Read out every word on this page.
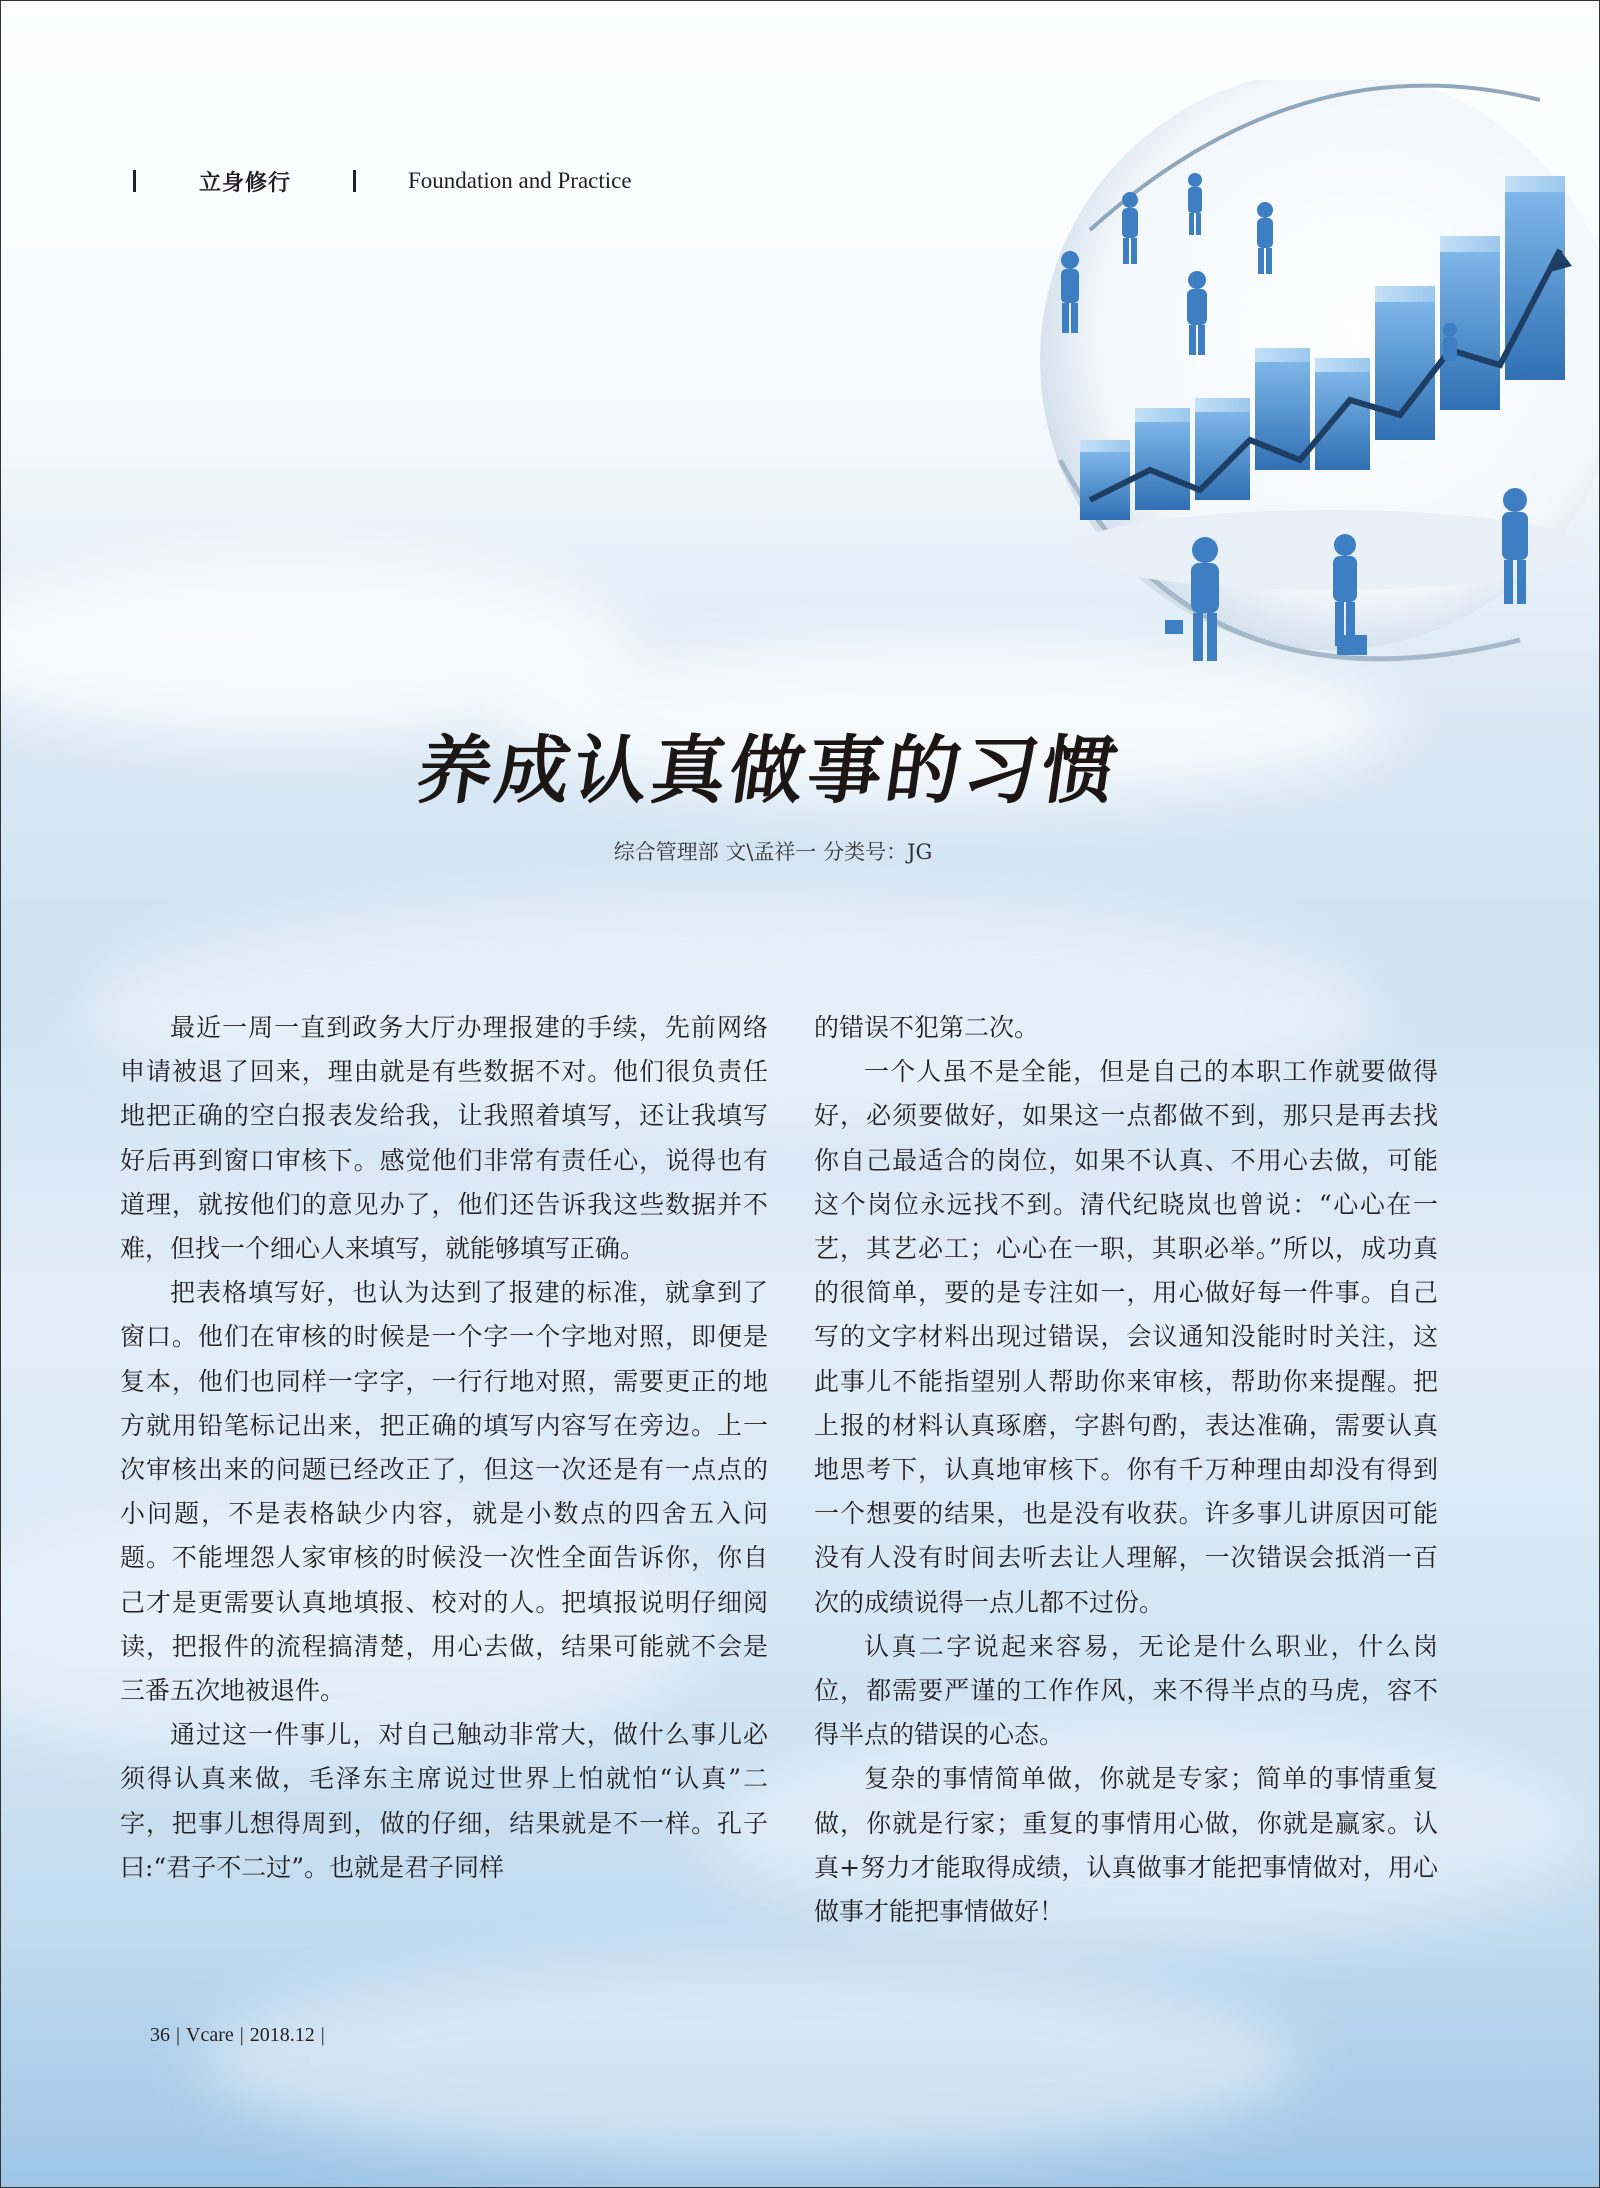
立身修行	Foundation and Practice
养成认真做事的习惯
综合管理部 文\孟祥一 分类号：JG

最近一周一直到政务大厅办理报建的手续，先前网络申请被退了回来，理由就是有些数据不对。他们很负责任地把正确的空白报表发给我，让我照着填写，还让我填写好后再到窗口审核下。感觉他们非常有责任心，说得也有道理，就按他们的意见办了，他们还告诉我这些数据并不难，但找一个细心人来填写，就能够填写正确。

把表格填写好，也认为达到了报建的标准，就拿到了窗口。他们在审核的时候是一个字一个字地对照，即便是复本，他们也同样一字字，一行行地对照，需要更正的地方就用铅笔标记出来，把正确的填写内容写在旁边。上一次审核出来的问题已经改正了，但这一次还是有一点点的小问题，不是表格缺少内容，就是小数点的四舍五入问题。不能埋怨人家审核的时候没一次性全面告诉你，你自己才是更需要认真地填报、校对的人。把填报说明仔细阅读，把报件的流程搞清楚，用心去做，结果可能就不会是三番五次地被退件。

通过这一件事儿，对自己触动非常大，做什么事儿必须得认真来做，毛泽东主席说过世界上怕就怕“认真”二字，把事儿想得周到，做的仔细，结果就是不一样。孔子曰:“君子不二过”。也就是君子同样

的错误不犯第二次。

一个人虽不是全能，但是自己的本职工作就要做得好，必须要做好，如果这一点都做不到，那只是再去找你自己最适合的岗位，如果不认真、不用心去做，可能这个岗位永远找不到。清代纪晓岚也曾说：“心心在一艺，其艺必工；心心在一职，其职必举。”所以，成功真的很简单，要的是专注如一，用心做好每一件事。自己写的文字材料出现过错误，会议通知没能时时关注，这此事儿不能指望别人帮助你来审核，帮助你来提醒。把上报的材料认真琢磨，字斟句酌，表达准确，需要认真地思考下，认真地审核下。你有千万种理由却没有得到一个想要的结果，也是没有收获。许多事儿讲原因可能没有人没有时间去听去让人理解，一次错误会抵消一百次的成绩说得一点儿都不过份。

认真二字说起来容易，无论是什么职业，什么岗位，都需要严谨的工作作风，来不得半点的马虎，容不得半点的错误的心态。

复杂的事情简单做，你就是专家；简单的事情重复做，你就是行家；重复的事情用心做，你就是赢家。认真+努力才能取得成绩，认真做事才能把事情做对，用心做事才能把事情做好！

36 | Vcare | 2018.12 |
